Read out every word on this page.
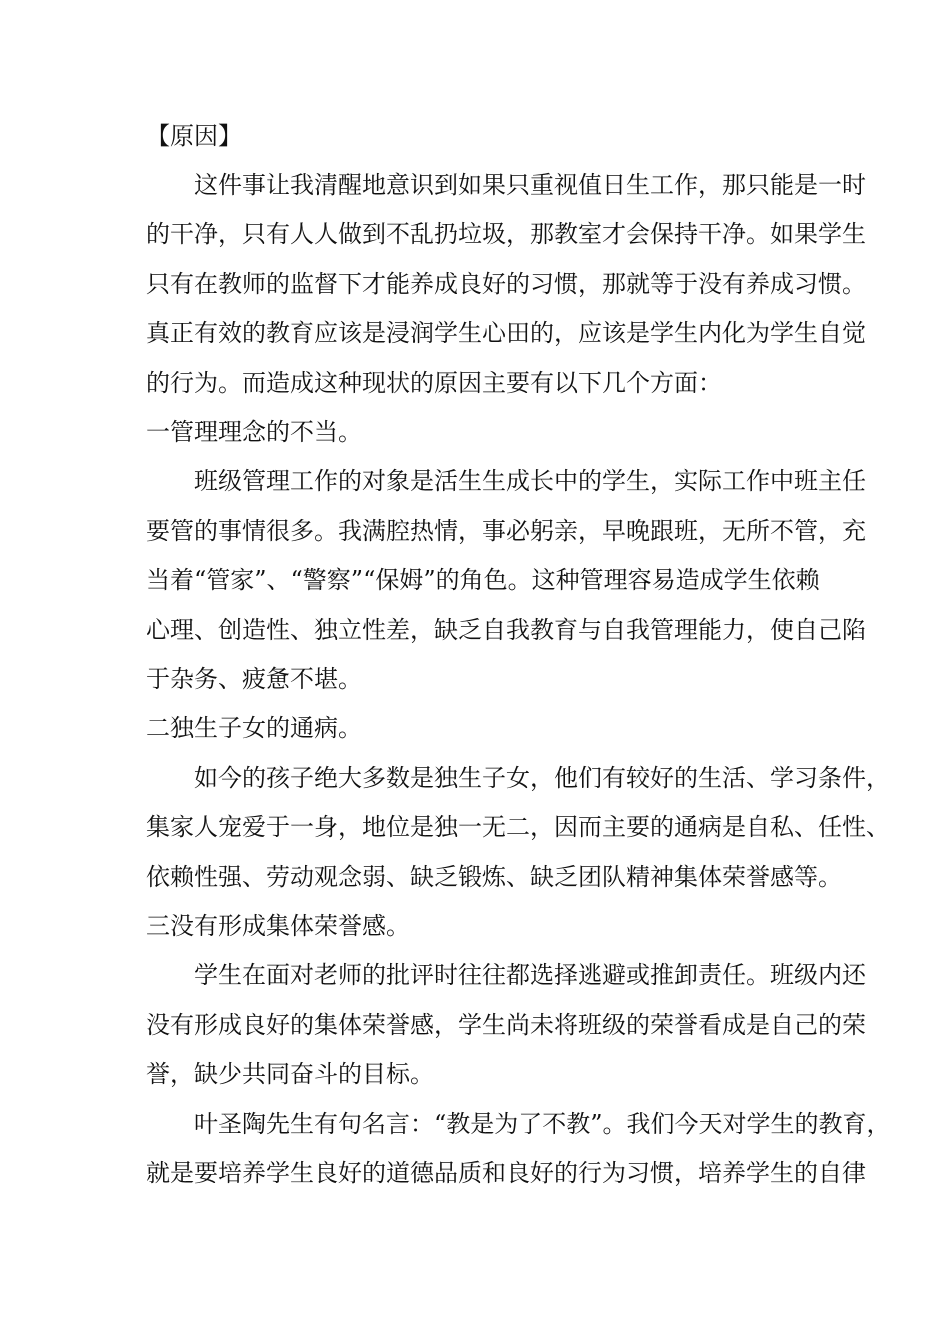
【原因】
这件事让我清醒地意识到如果只重视值日生工作，那只能是一时
的干净，只有人人做到不乱扔垃圾，那教室才会保持干净。如果学生
只有在教师的监督下才能养成良好的习惯，那就等于没有养成习惯。
真正有效的教育应该是浸润学生心田的，应该是学生内化为学生自觉
的行为。而造成这种现状的原因主要有以下几个方面：
一管理理念的不当。
班级管理工作的对象是活生生成长中的学生，实际工作中班主任
要管的事情很多。我满腔热情，事必躬亲，早晚跟班，无所不管，充
当着“管家”、“警察”“保姆”的角色。这种管理容易造成学生依赖
心理、创造性、独立性差，缺乏自我教育与自我管理能力，使自己陷
于杂务、疲惫不堪。
二独生子女的通病。
如今的孩子绝大多数是独生子女，他们有较好的生活、学习条件，
集家人宠爱于一身，地位是独一无二，因而主要的通病是自私、任性、
依赖性强、劳动观念弱、缺乏锻炼、缺乏团队精神集体荣誉感等。
三没有形成集体荣誉感。
学生在面对老师的批评时往往都选择逃避或推卸责任。班级内还
没有形成良好的集体荣誉感，学生尚未将班级的荣誉看成是自己的荣
誉，缺少共同奋斗的目标。
叶圣陶先生有句名言：“教是为了不教”。我们今天对学生的教育，
就是要培养学生良好的道德品质和良好的行为习惯，培养学生的自律
